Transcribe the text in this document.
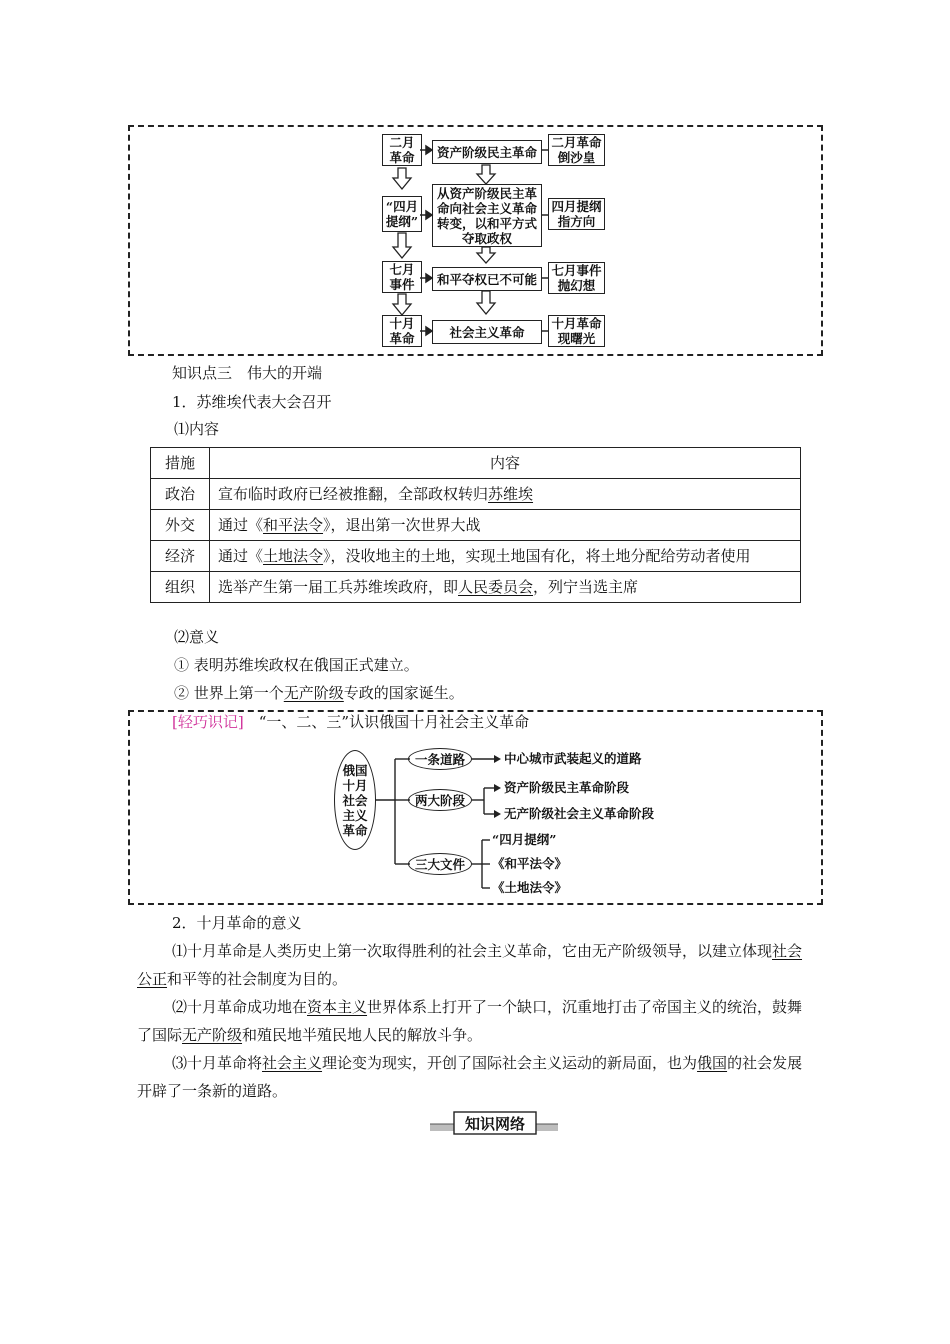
二月
革命
“四月
提纲”
七月
事件
十月
革命
资产阶级民主革命
从资产阶级民主革
命向社会主义革命
转变，以和平方式
夺取政权
和平夺权已不可能
社会主义革命
二月革命
倒沙皇
四月提纲
指方向
七月事件
抛幻想
十月革命
现曙光
知识点三　伟大的开端
1．苏维埃代表大会召开
⑴内容
措施	内容
政治	宣布临时政府已经被推翻，全部政权转归苏维埃
外交	通过《和平法令》，退出第一次世界大战
经济	通过《土地法令》，没收地主的土地，实现土地国有化，将土地分配给劳动者使用
组织	选举产生第一届工兵苏维埃政府，即人民委员会，列宁当选主席
⑵意义
① 表明苏维埃政权在俄国正式建立。
② 世界上第一个无产阶级专政的国家诞生。
[轻巧识记]　 “一、二、三”认识俄国十月社会主义革命
俄国
十月
社会
主义
革命
一条道路
两大阶段
三大文件
中心城市武装起义的道路
资产阶级民主革命阶段
无产阶级社会主义革命阶段
“四月提纲”
《和平法令》
《土地法令》
2．十月革命的意义
⑴十月革命是人类历史上第一次取得胜利的社会主义革命，它由无产阶级领导，以建立体现社会公正和平等的社会制度为目的。
⑵十月革命成功地在资本主义世界体系上打开了一个缺口，沉重地打击了帝国主义的统治，鼓舞了国际无产阶级和殖民地半殖民地人民的解放斗争。
⑶十月革命将社会主义理论变为现实，开创了国际社会主义运动的新局面，也为俄国的社会发展开辟了一条新的道路。
知识网络
